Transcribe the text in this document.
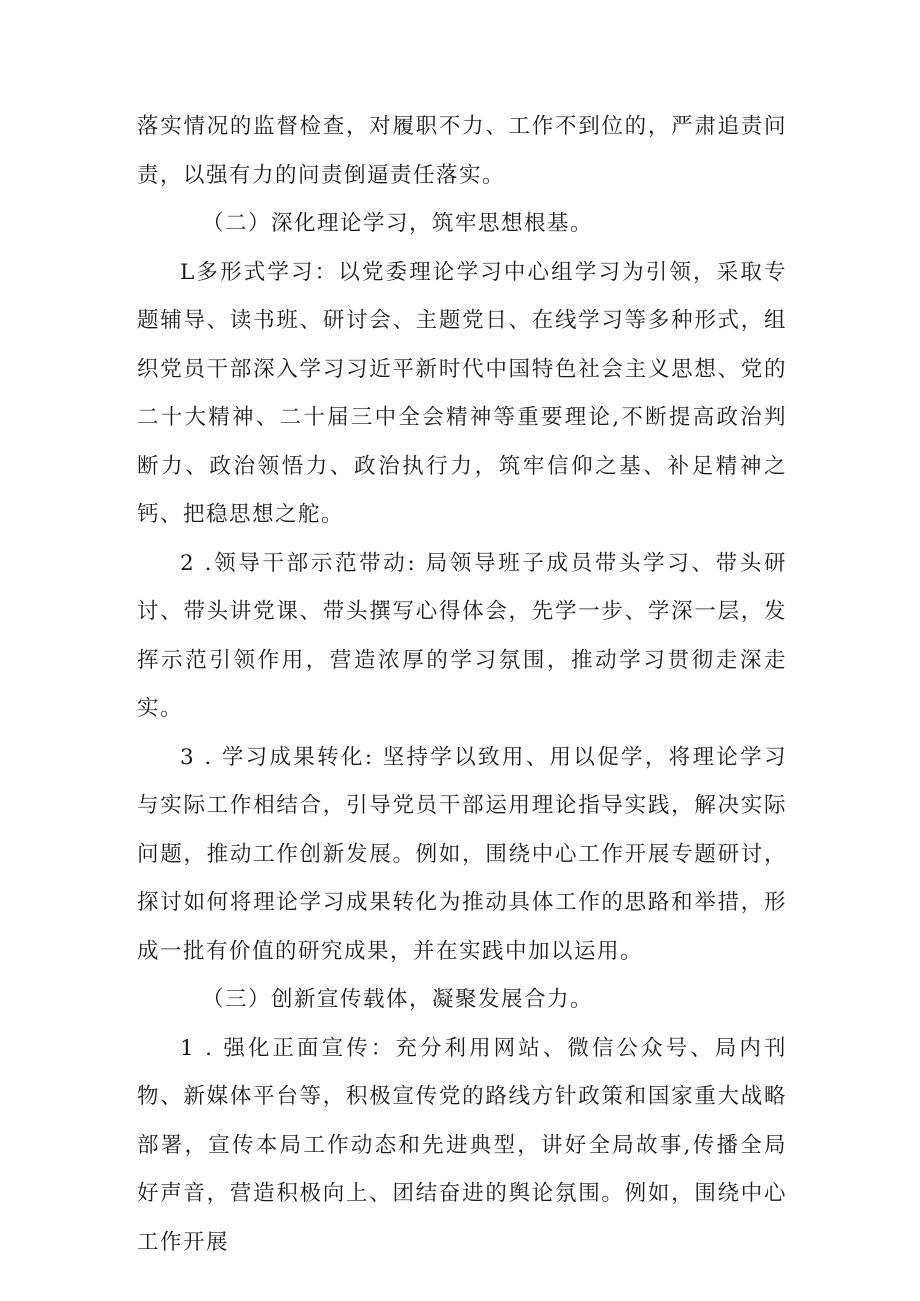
落实情况的监督检查，对履职不力、工作不到位的，严肃追责问责，以强有力的问责倒逼责任落实。

（二）深化理论学习，筑牢思想根基。

L多形式学习：以党委理论学习中心组学习为引领，采取专题辅导、读书班、研讨会、主题党日、在线学习等多种形式，组织党员干部深入学习习近平新时代中国特色社会主义思想、党的二十大精神、二十届三中全会精神等重要理论,不断提高政治判断力、政治领悟力、政治执行力，筑牢信仰之基、补足精神之钙、把稳思想之舵。

2 .领导干部示范带动: 局领导班子成员带头学习、带头研讨、带头讲党课、带头撰写心得体会，先学一步、学深一层，发挥示范引领作用，营造浓厚的学习氛围，推动学习贯彻走深走实。

3 . 学习成果转化: 坚持学以致用、用以促学，将理论学习与实际工作相结合，引导党员干部运用理论指导实践，解决实际问题，推动工作创新发展。例如，围绕中心工作开展专题研讨，探讨如何将理论学习成果转化为推动具体工作的思路和举措，形成一批有价值的研究成果，并在实践中加以运用。

（三）创新宣传载体，凝聚发展合力。

1 . 强化正面宣传：充分利用网站、微信公众号、局内刊物、新媒体平台等，积极宣传党的路线方针政策和国家重大战略部署，宣传本局工作动态和先进典型，讲好全局故事,传播全局好声音，营造积极向上、团结奋进的舆论氛围。例如，围绕中心工作开展
